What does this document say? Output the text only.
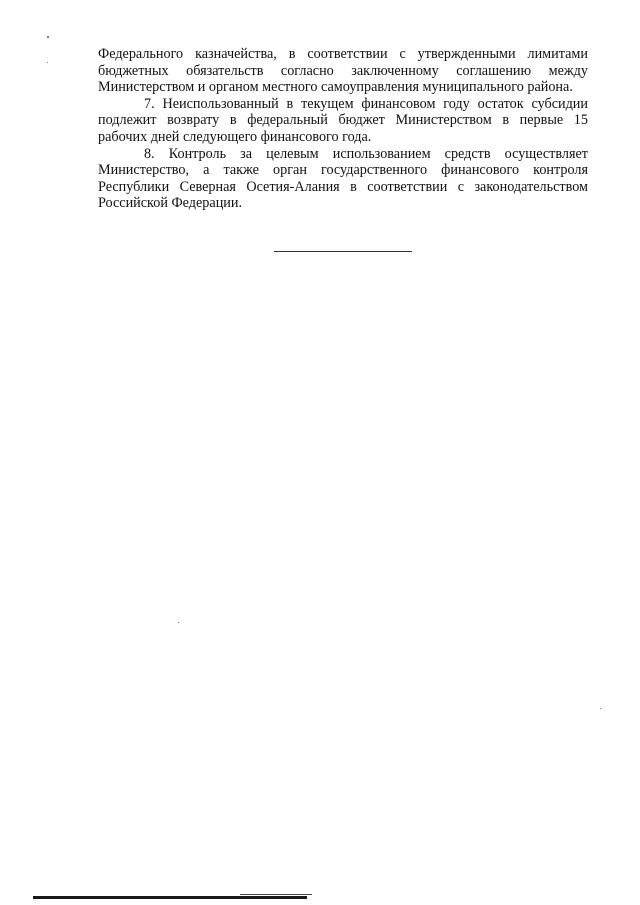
Федерального казначейства, в соответствии с утвержденными лимитами
бюджетных обязательств согласно заключенному соглашению между
Министерством и органом местного самоуправления муниципального района.
7. Неиспользованный в текущем финансовом году остаток субсидии
подлежит возврату в федеральный бюджет Министерством в первые 15
рабочих дней следующего финансового года.
8. Контроль за целевым использованием средств осуществляет
Министерство, а также орган государственного финансового контроля
Республики Северная Осетия-Алания в соответствии с законодательством
Российской Федерации.
